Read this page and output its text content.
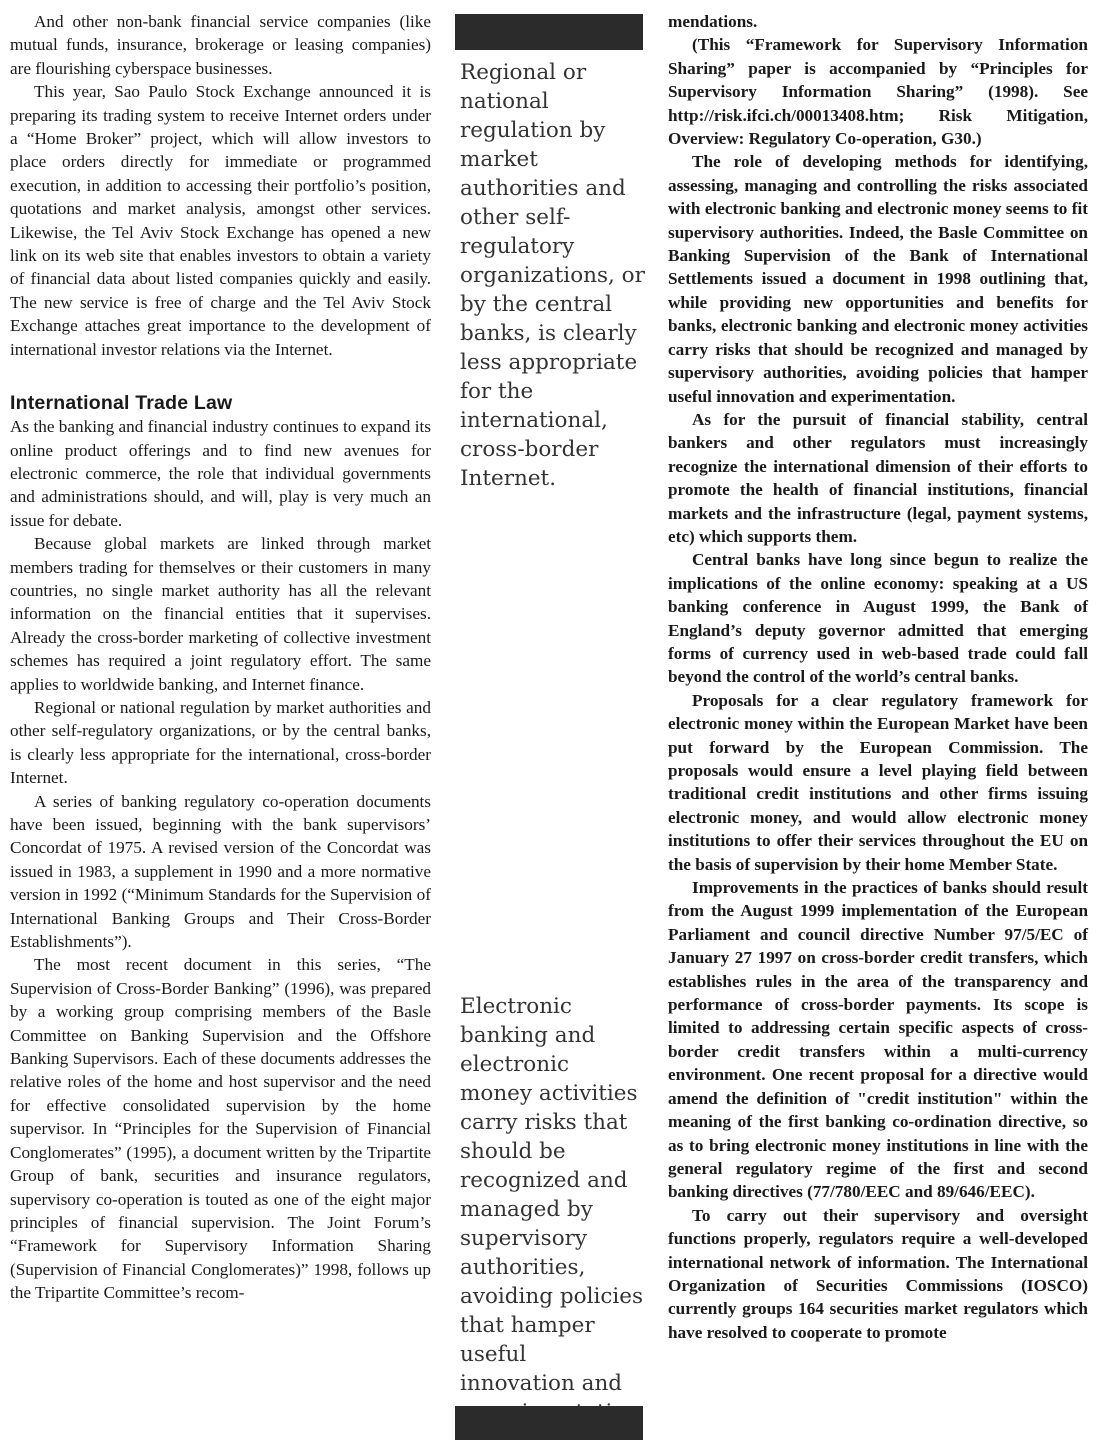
And other non-bank financial service companies (like mutual funds, insurance, brokerage or leasing companies) are flourishing cyberspace businesses.

This year, Sao Paulo Stock Exchange announced it is preparing its trading system to receive Internet orders under a “Home Broker” project, which will allow investors to place orders directly for immediate or programmed execution, in addition to accessing their portfolio’s position, quotations and market analysis, amongst other services. Likewise, the Tel Aviv Stock Exchange has opened a new link on its web site that enables investors to obtain a variety of financial data about listed companies quickly and easily. The new service is free of charge and the Tel Aviv Stock Exchange attaches great importance to the development of international investor relations via the Internet.

International Trade Law

As the banking and financial industry continues to expand its online product offerings and to find new avenues for electronic commerce, the role that individual governments and administrations should, and will, play is very much an issue for debate.

Because global markets are linked through market members trading for themselves or their customers in many countries, no single market authority has all the relevant information on the financial entities that it supervises. Already the cross-border marketing of collective investment schemes has required a joint regulatory effort. The same applies to worldwide banking, and Internet finance.

Regional or national regulation by market authorities and other self-regulatory organizations, or by the central banks, is clearly less appropriate for the international, cross-border Internet.

A series of banking regulatory co-operation documents have been issued, beginning with the bank supervisors’ Concordat of 1975. A revised version of the Concordat was issued in 1983, a supplement in 1990 and a more normative version in 1992 (“Minimum Standards for the Supervision of International Banking Groups and Their Cross-Border Establishments”).

The most recent document in this series, “The Supervision of Cross-Border Banking” (1996), was prepared by a working group comprising members of the Basle Committee on Banking Supervision and the Offshore Banking Supervisors. Each of these documents addresses the relative roles of the home and host supervisor and the need for effective consolidated supervision by the home supervisor. In “Principles for the Supervision of Financial Conglomerates” (1995), a document written by the Tripartite Group of bank, securities and insurance regulators, supervisory co-operation is touted as one of the eight major principles of financial supervision. The Joint Forum’s “Framework for Supervisory Information Sharing (Supervision of Financial Conglomerates)” 1998, follows up the Tripartite Committee’s recom-

Regional or national regulation by market authorities and other self-regulatory organizations, or by the central banks, is clearly less appropriate for the international, cross-border Internet.
Electronic banking and electronic money activities carry risks that should be recognized and managed by supervisory authorities, avoiding policies that hamper useful innovation and

mendations.

(This “Framework for Supervisory Information Sharing” paper is accompanied by “Principles for Supervisory Information Sharing” (1998). See http://risk.ifci.ch/00013408.htm; Risk Mitigation, Overview: Regulatory Co-operation, G30.)

The role of developing methods for identifying, assessing, managing and controlling the risks associated with electronic banking and electronic money seems to fit supervisory authorities. Indeed, the Basle Committee on Banking Supervision of the Bank of International Settlements issued a document in 1998 outlining that, while providing new opportunities and benefits for banks, electronic banking and electronic money activities carry risks that should be recognized and managed by supervisory authorities, avoiding policies that hamper useful innovation and experimentation.

As for the pursuit of financial stability, central bankers and other regulators must increasingly recognize the international dimension of their efforts to promote the health of financial institutions, financial markets and the infrastructure (legal, payment systems, etc) which supports them.

Central banks have long since begun to realize the implications of the online economy: speaking at a US banking conference in August 1999, the Bank of England’s deputy governor admitted that emerging forms of currency used in web-based trade could fall beyond the control of the world’s central banks.

Proposals for a clear regulatory framework for electronic money within the European Market have been put forward by the European Commission. The proposals would ensure a level playing field between traditional credit institutions and other firms issuing electronic money, and would allow electronic money institutions to offer their services throughout the EU on the basis of supervision by their home Member State.

Improvements in the practices of banks should result from the August 1999 implementation of the European Parliament and council directive Number 97/5/EC of January 27 1997 on cross-border credit transfers, which establishes rules in the area of the transparency and performance of cross-border payments. Its scope is limited to addressing certain specific aspects of cross-border credit transfers within a multi-currency environment. One recent proposal for a directive would amend the definition of "credit institution" within the meaning of the first banking co-ordination directive, so as to bring electronic money institutions in line with the general regulatory regime of the first and second banking directives (77/780/EEC and 89/646/EEC).

To carry out their supervisory and oversight functions properly, regulators require a well-developed international network of information. The International Organization of Securities Commissions (IOSCO) currently groups 164 securities market regulators which have resolved to cooperate to promote
